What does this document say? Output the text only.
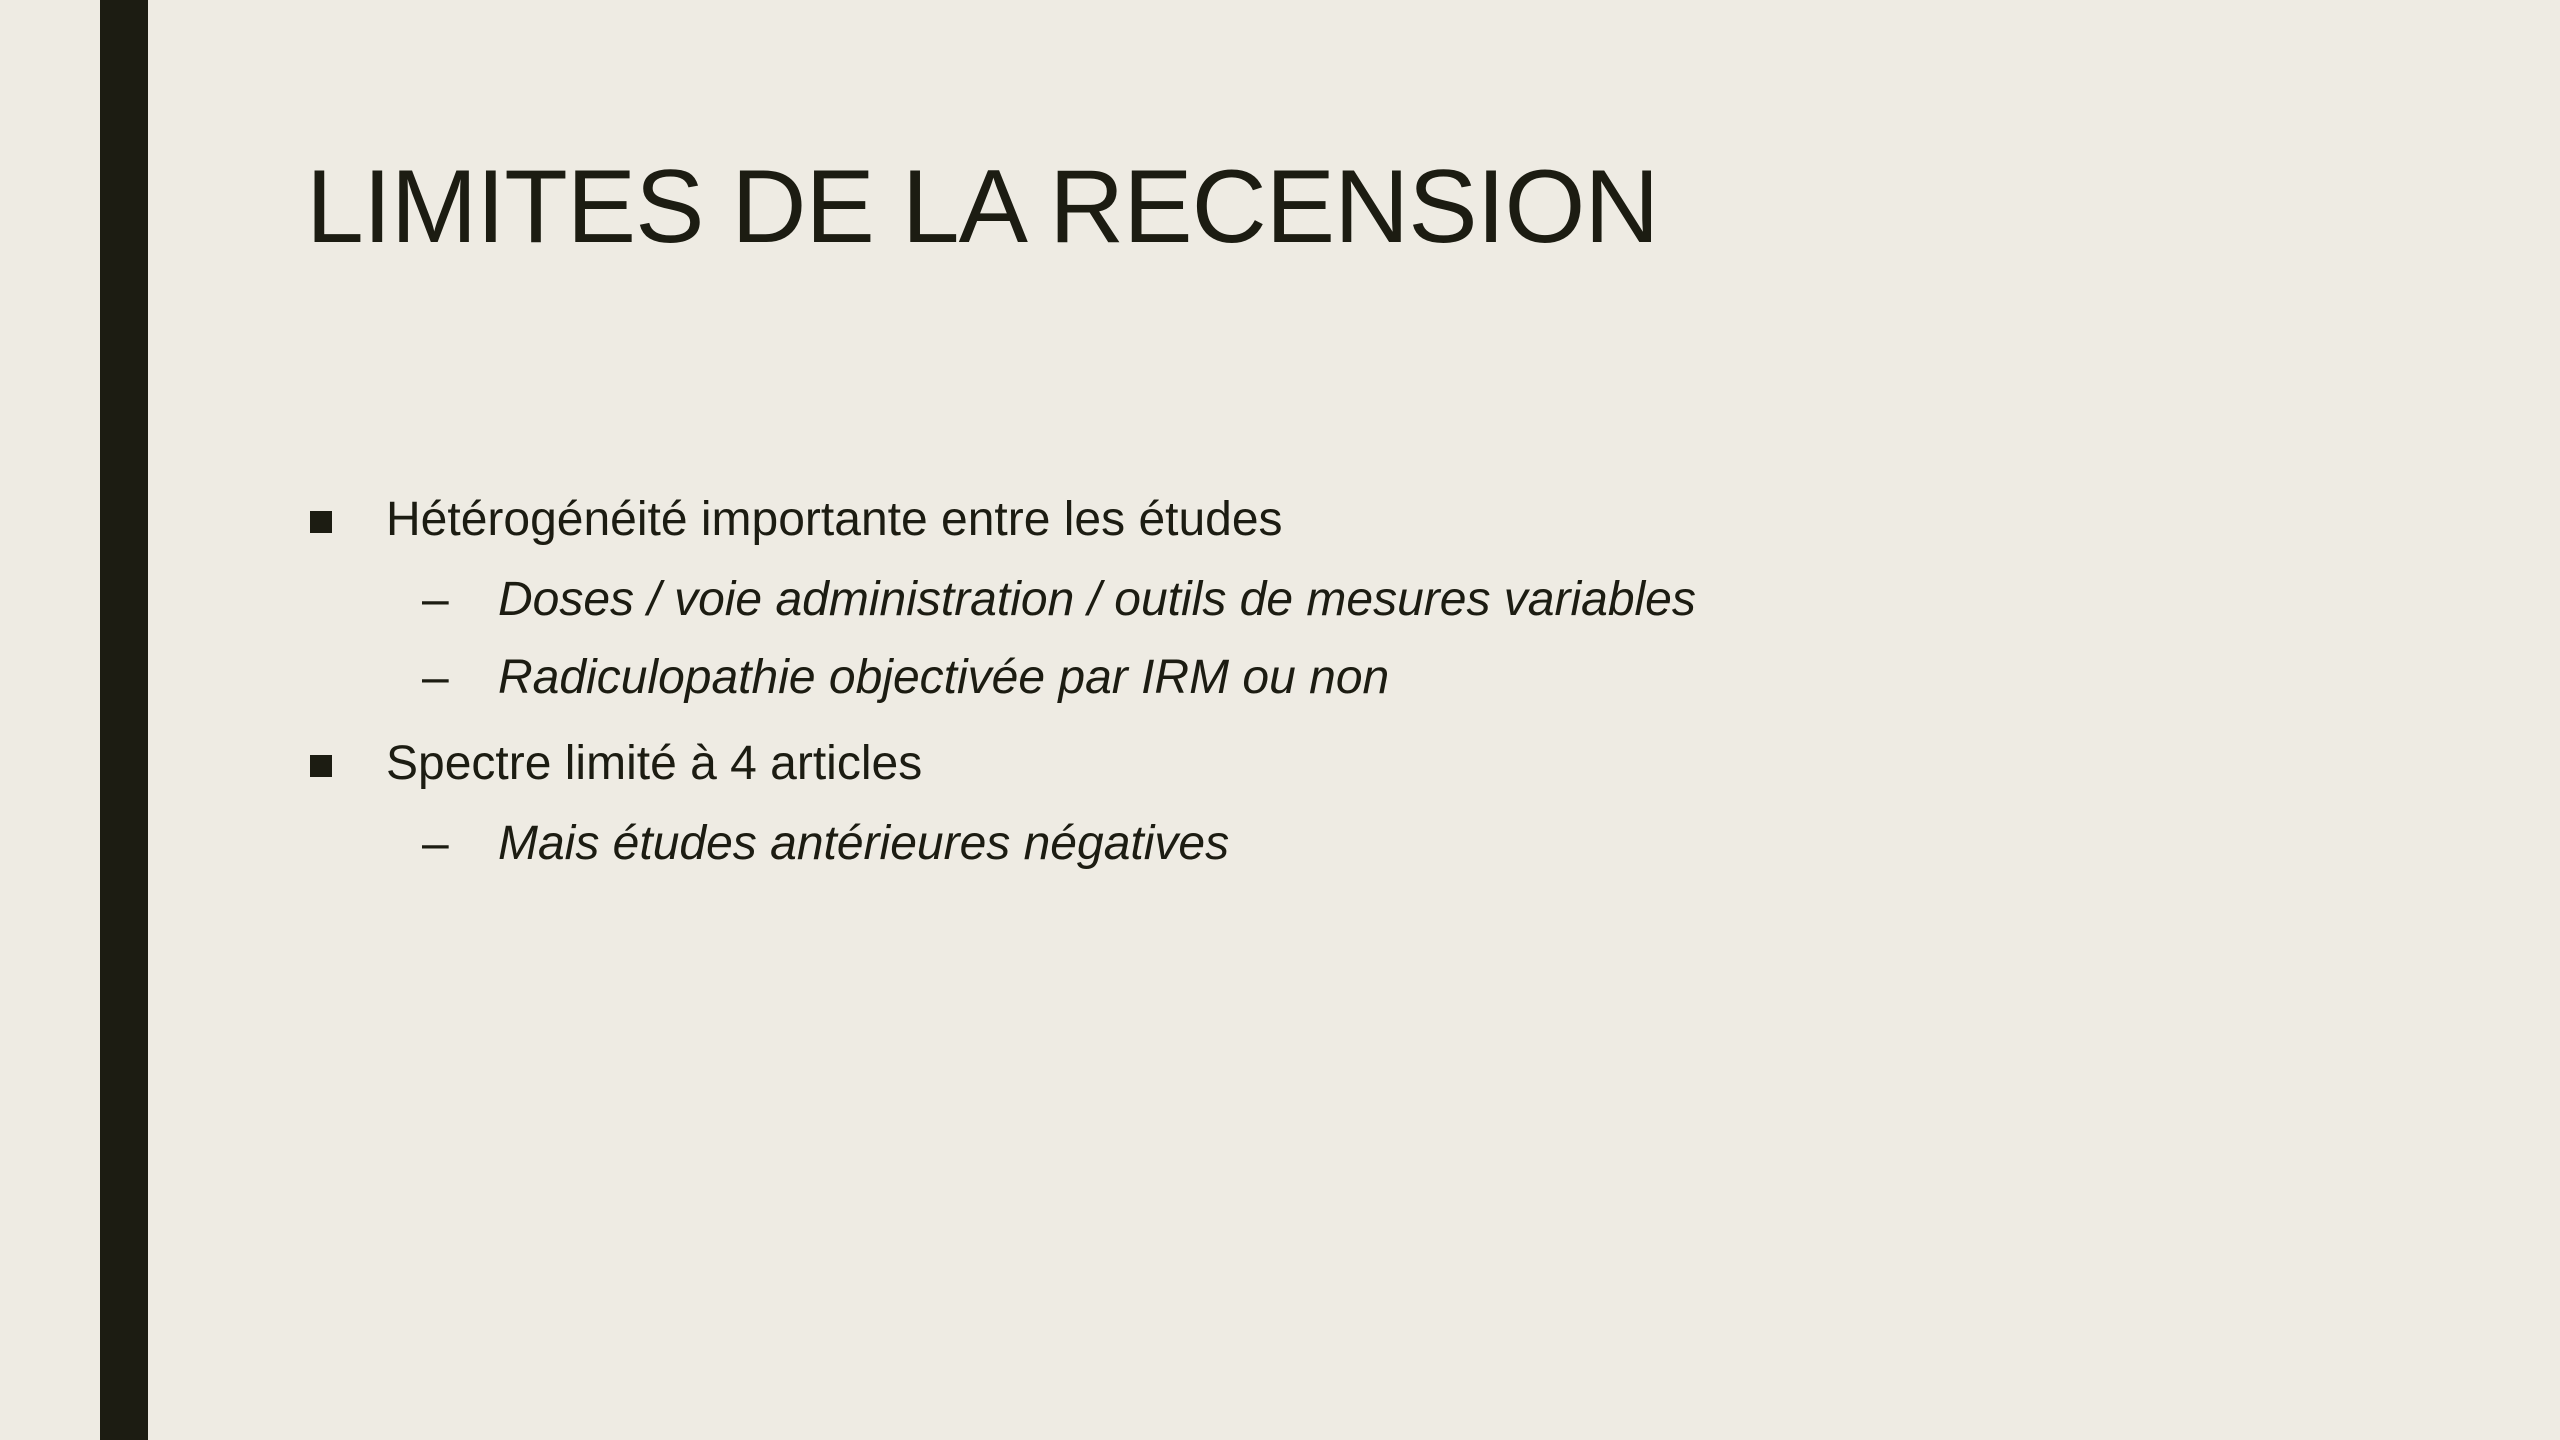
LIMITES DE LA RECENSION
Hétérogénéité importante entre les études
– Doses / voie administration / outils de mesures variables
– Radiculopathie objectivée par IRM ou non
Spectre limité à 4 articles
– Mais études antérieures négatives
